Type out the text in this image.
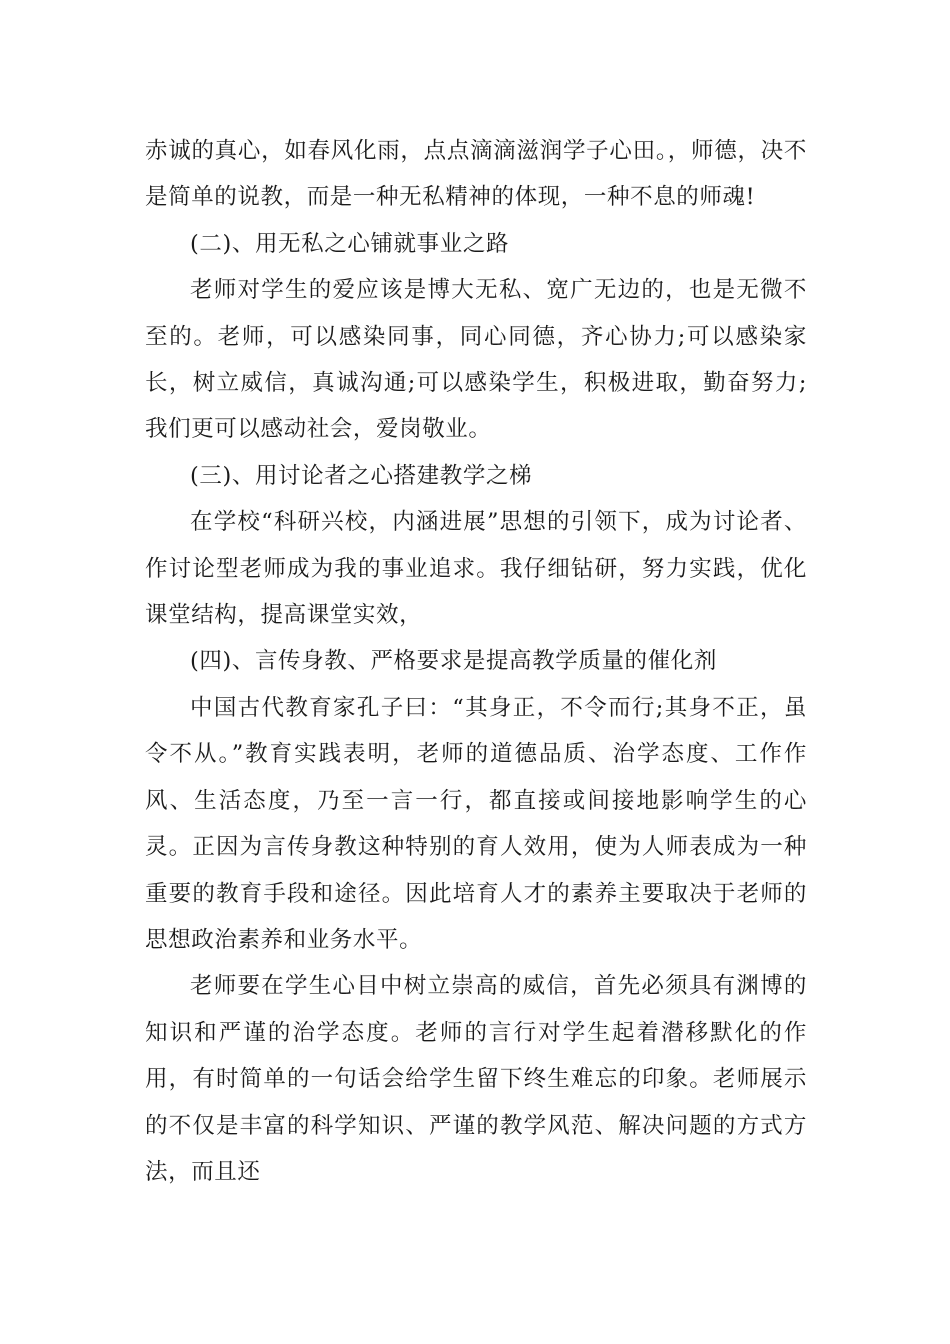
赤诚的真心，如春风化雨，点点滴滴滋润学子心田。，师德，决不是简单的说教，而是一种无私精神的体现，一种不息的师魂!

(二)、用无私之心铺就事业之路

老师对学生的爱应该是博大无私、宽广无边的，也是无微不至的。老师，可以感染同事，同心同德，齐心协力;可以感染家长，树立威信，真诚沟通;可以感染学生，积极进取，勤奋努力;我们更可以感动社会，爱岗敬业。

(三)、用讨论者之心搭建教学之梯

在学校“科研兴校，内涵进展”思想的引领下，成为讨论者、作讨论型老师成为我的事业追求。我仔细钻研，努力实践，优化课堂结构，提高课堂实效，

(四)、言传身教、严格要求是提高教学质量的催化剂

中国古代教育家孔子曰：“其身正，不令而行;其身不正，虽令不从。”教育实践表明，老师的道德品质、治学态度、工作作风、生活态度，乃至一言一行，都直接或间接地影响学生的心灵。正因为言传身教这种特别的育人效用，使为人师表成为一种重要的教育手段和途径。因此培育人才的素养主要取决于老师的思想政治素养和业务水平。

老师要在学生心目中树立崇高的威信，首先必须具有渊博的知识和严谨的治学态度。老师的言行对学生起着潜移默化的作用，有时简单的一句话会给学生留下终生难忘的印象。老师展示的不仅是丰富的科学知识、严谨的教学风范、解决问题的方式方法，而且还
